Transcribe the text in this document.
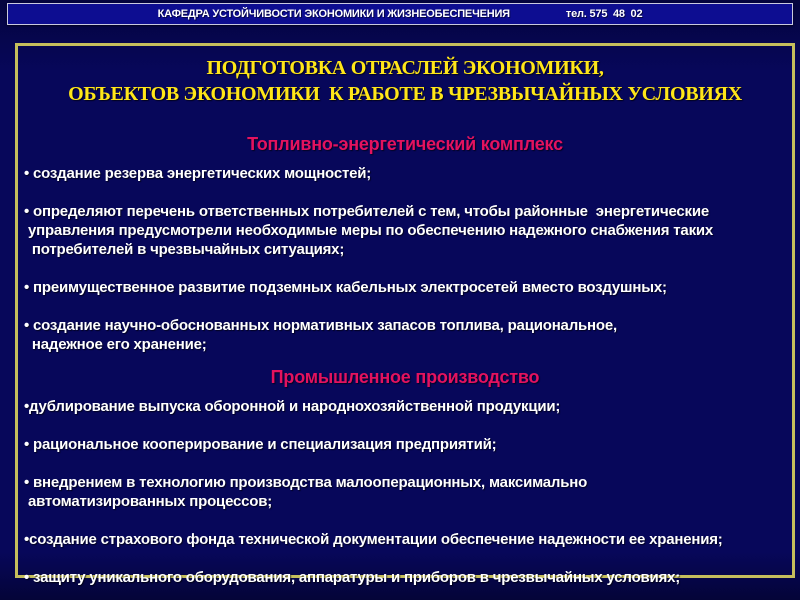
КАФЕДРА УСТОЙЧИВОСТИ ЭКОНОМИКИ И ЖИЗНЕОБЕСПЕЧЕНИЯ	тел. 575  48  02
ПОДГОТОВКА ОТРАСЛЕЙ ЭКОНОМИКИ,
ОБЪЕКТОВ ЭКОНОМИКИ  К РАБОТЕ В ЧРЕЗВЫЧАЙНЫХ УСЛОВИЯХ
Топливно-энергетический комплекс
• создание резерва энергетических мощностей;
• определяют перечень ответственных потребителей с тем, чтобы районные  энергетические
управления предусмотрели необходимые меры по обеспечению надежного снабжения таких
потребителей в чрезвычайных ситуациях;
• преимущественное развитие подземных кабельных электросетей вместо воздушных;
• создание научно-обоснованных нормативных запасов топлива, рациональное,
надежное его хранение;
Промышленное производство
•дублирование выпуска оборонной и народнохозяйственной продукции;
• рациональное кооперирование и специализация предприятий;
• внедрением в технологию производства малооперационных, максимально
автоматизированных процессов;
•создание страхового фонда технической документации обеспечение надежности ее хранения;
• защиту уникального оборудования, аппаратуры и приборов в чрезвычайных условиях;
